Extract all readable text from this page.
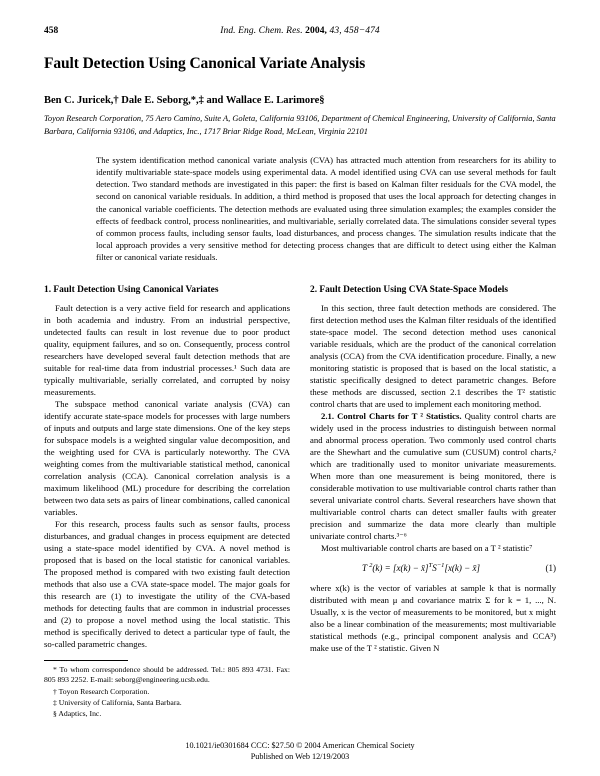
458	Ind. Eng. Chem. Res. 2004, 43, 458−474
Fault Detection Using Canonical Variate Analysis
Ben C. Juricek,† Dale E. Seborg,*,‡ and Wallace E. Larimore§
Toyon Research Corporation, 75 Aero Camino, Suite A, Goleta, California 93106, Department of Chemical Engineering, University of California, Santa Barbara, California 93106, and Adaptics, Inc., 1717 Briar Ridge Road, McLean, Virginia 22101
The system identification method canonical variate analysis (CVA) has attracted much attention from researchers for its ability to identify multivariable state-space models using experimental data. A model identified using CVA can use several methods for fault detection. Two standard methods are investigated in this paper: the first is based on Kalman filter residuals for the CVA model, the second on canonical variable residuals. In addition, a third method is proposed that uses the local approach for detecting changes in the canonical variable coefficients. The detection methods are evaluated using three simulation examples; the examples consider the effects of feedback control, process nonlinearities, and multivariable, serially correlated data. The simulations consider several types of common process faults, including sensor faults, load disturbances, and process changes. The simulation results indicate that the local approach provides a very sensitive method for detecting process changes that are difficult to detect using either the Kalman filter or canonical variate residuals.
1. Fault Detection Using Canonical Variates

Fault detection is a very active field for research and applications in both academia and industry. From an industrial perspective, undetected faults can result in lost revenue due to poor product quality, equipment failures, and so on. Consequently, process control researchers have developed several fault detection methods that are suitable for real-time data from industrial processes.¹ Such data are typically multivariable, serially correlated, and corrupted by noisy measurements.

The subspace method canonical variate analysis (CVA) can identify accurate state-space models for processes with large numbers of inputs and outputs and large state dimensions. One of the key steps for subspace models is a weighted singular value decomposition, and the weighting used for CVA is particularly noteworthy. The CVA weighting comes from the multivariable statistical method, canonical correlation analysis (CCA). Canonical correlation analysis is a maximum likelihood (ML) procedure for describing the correlation between two data sets as pairs of linear combinations, called canonical variables.

For this research, process faults such as sensor faults, process disturbances, and gradual changes in process equipment are detected using a state-space model identified by CVA. A novel method is proposed that is based on the local statistic for canonical variables. The proposed method is compared with two existing fault detection methods that also use a CVA state-space model. The major goals for this research are (1) to investigate the utility of the CVA-based methods for detecting faults that are common in industrial processes and (2) to propose a novel method using the local statistic. This method is specifically derived to detect a particular type of fault, the so-called parametric changes.

* To whom correspondence should be addressed. Tel.: 805 893 4731. Fax: 805 893 2252. E-mail: seborg@engineering.ucsb.edu.

† Toyon Research Corporation.

‡ University of California, Santa Barbara.

§ Adaptics, Inc.

2. Fault Detection Using CVA State-Space Models

In this section, three fault detection methods are considered. The first detection method uses the Kalman filter residuals of the identified state-space model. The second detection method uses canonical variable residuals, which are the product of the canonical correlation analysis (CCA) from the CVA identification procedure. Finally, a new monitoring statistic is proposed that is based on the local statistic, a statistic specifically designed to detect parametric changes. Before these methods are discussed, section 2.1 describes the T² statistic control charts that are used to implement each monitoring method.

2.1. Control Charts for T ² Statistics. Quality control charts are widely used in the process industries to distinguish between normal and abnormal process operation. Two commonly used control charts are the Shewhart and the cumulative sum (CUSUM) control charts,² which are traditionally used to monitor univariate measurements. When more than one measurement is being monitored, there is considerable motivation to use multivariable control charts rather than several univariate control charts. Several researchers have shown that multivariable control charts can detect smaller faults with greater precision and summarize the data more clearly than multiple univariate control charts.³⁻⁶

Most multivariable control charts are based on a T ² statistic⁷

T $^2(k) = [x(k) - x̄]^TS^{-1}[x(k)$ − x̄]	(1)

where x(k) is the vector of variables at sample k that is normally distributed with mean μ and covariance matrix Σ for k = 1, ..., N. Usually, x is the vector of measurements to be monitored, but x might also be a linear combination of the measurements; most multivariable statistical methods (e.g., principal component analysis and CCA³) make use of the T ² statistic. Given N

10.1021/ie0301684 CCC: $27.50 © 2004 American Chemical Society
Published on Web 12/19/2003
